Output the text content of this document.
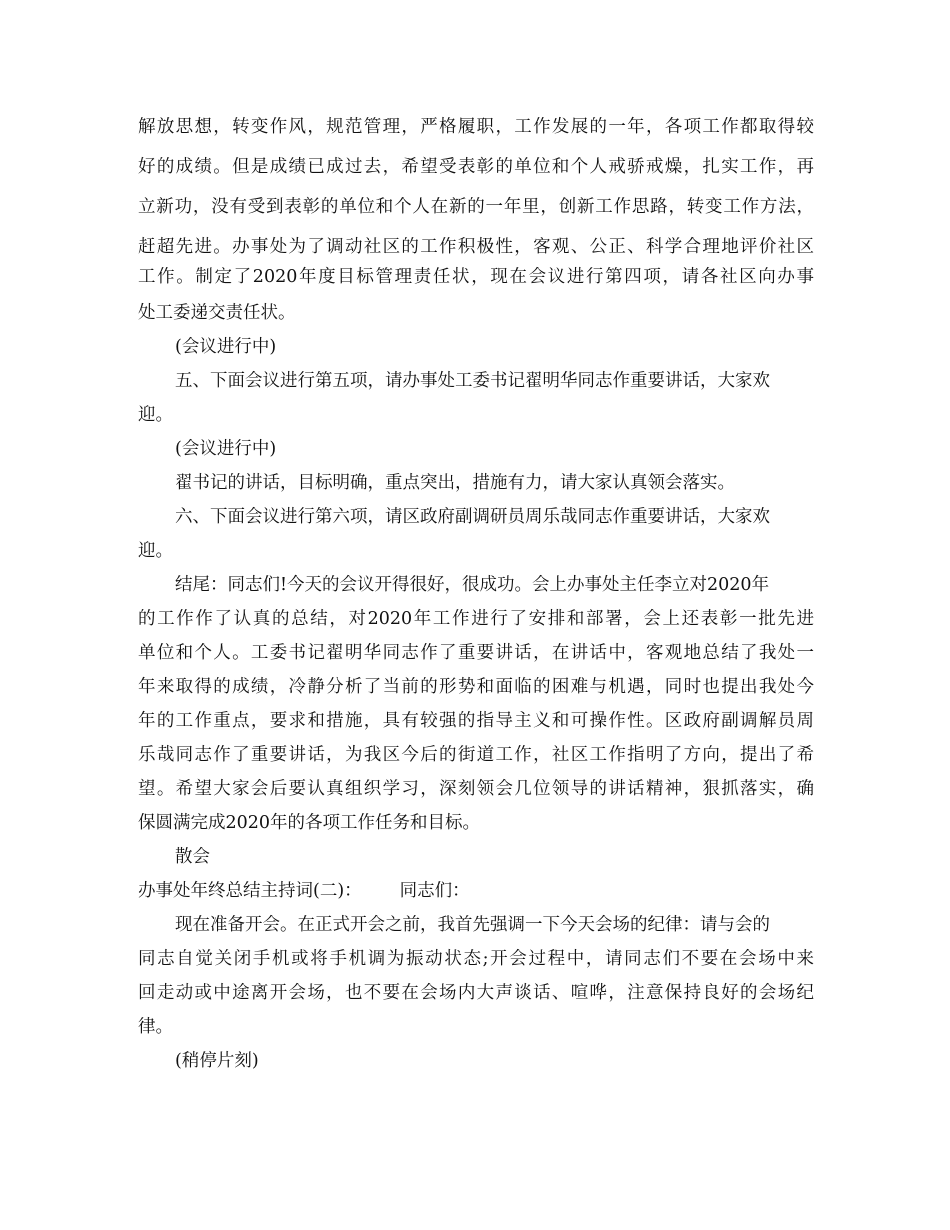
解放思想，转变作风，规范管理，严格履职，工作发展的一年，各项工作都取得较

好的成绩。但是成绩已成过去，希望受表彰的单位和个人戒骄戒燥，扎实工作，再

立新功，没有受到表彰的单位和个人在新的一年里，创新工作思路，转变工作方法，

赶超先进。办事处为了调动社区的工作积极性，客观、公正、科学合理地评价社区

工作。制定了2020年度目标管理责任状，现在会议进行第四项，请各社区向办事

处工委递交责任状。

(会议进行中)

五、下面会议进行第五项，请办事处工委书记翟明华同志作重要讲话，大家欢

迎。

(会议进行中)

翟书记的讲话，目标明确，重点突出，措施有力，请大家认真领会落实。

六、下面会议进行第六项，请区政府副调研员周乐哉同志作重要讲话，大家欢

迎。

结尾：同志们!今天的会议开得很好，很成功。会上办事处主任李立对2020年

的工作作了认真的总结，对2020年工作进行了安排和部署，会上还表彰一批先进

单位和个人。工委书记翟明华同志作了重要讲话，在讲话中，客观地总结了我处一

年来取得的成绩，冷静分析了当前的形势和面临的困难与机遇，同时也提出我处今

年的工作重点，要求和措施，具有较强的指导主义和可操作性。区政府副调解员周

乐哉同志作了重要讲话，为我区今后的街道工作，社区工作指明了方向，提出了希

望。希望大家会后要认真组织学习，深刻领会几位领导的讲话精神，狠抓落实，确

保圆满完成2020年的各项工作任务和目标。

散会

办事处年终总结主持词(二)： 同志们：

现在准备开会。在正式开会之前，我首先强调一下今天会场的纪律：请与会的

同志自觉关闭手机或将手机调为振动状态;开会过程中，请同志们不要在会场中来

回走动或中途离开会场，也不要在会场内大声谈话、喧哗，注意保持良好的会场纪

律。

(稍停片刻)
